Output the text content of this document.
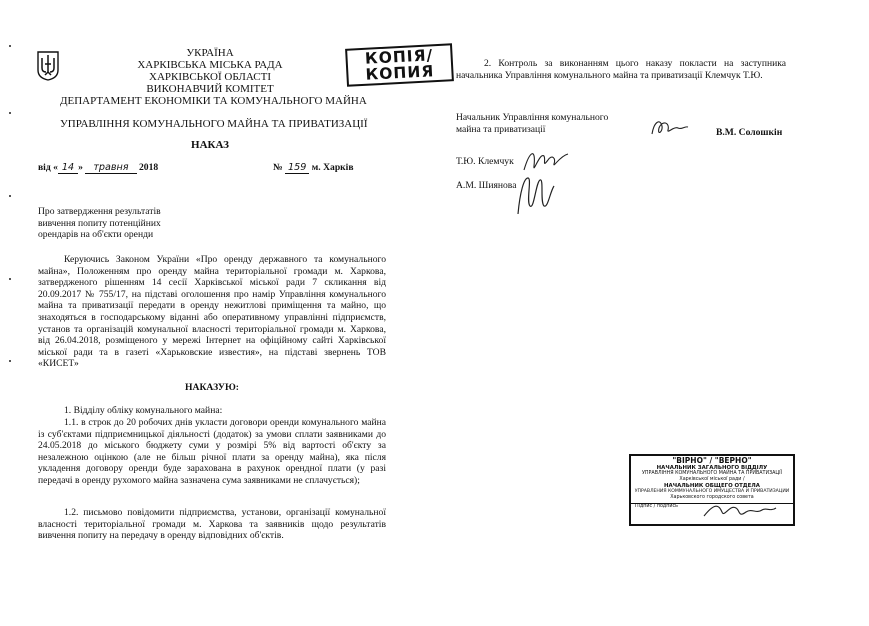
УКРАЇНА
ХАРКІВСЬКА МІСЬКА РАДА
ХАРКІВСЬКОЇ ОБЛАСТІ
ВИКОНАВЧИЙ КОМІТЕТ
ДЕПАРТАМЕНТ ЕКОНОМІКИ ТА КОМУНАЛЬНОГО МАЙНА
УПРАВЛІННЯ КОМУНАЛЬНОГО МАЙНА ТА ПРИВАТИЗАЦІЇ
КОПІЯ/ КОПИЯ
НАКАЗ
від « 14 » травня 2018	№ 159 м. Харків
Про затвердження результатів вивчення попиту потенційних орендарів на об'єкти оренди
Керуючись Законом України «Про оренду державного та комунального майна», Положенням про оренду майна територіальної громади м. Харкова, затвердженого рішенням 14 сесії Харківської міської ради 7 скликання від 20.09.2017 № 755/17, на підставі оголошення про намір Управління комунального майна та приватизації передати в оренду нежитлові приміщення та майно, що знаходяться в господарському віданні або оперативному управлінні підприємств, установ та організацій комунальної власності територіальної громади м. Харкова, від 26.04.2018, розміщеного у мережі Інтернет на офіційному сайті Харківської міської ради та в газеті «Харьковские известия», на підставі звернень ТОВ «КИСЕТ»
НАКАЗУЮ:
1. Відділу обліку комунального майна:
1.1. в строк до 20 робочих днів укласти договори оренди комунального майна із суб'єктами підприємницької діяльності (додаток) за умови сплати заявниками до 24.05.2018 до міського бюджету суми у розмірі 5% від вартості об'єкту за незалежною оцінкою (але не більш річної плати за оренду майна), яка після укладення договору оренди буде зарахована в рахунок орендної плати (у разі передачі в оренду рухомого майна зазначена сума заявниками не сплачується);
1.2. письмово повідомити підприємства, установи, організації комунальної власності територіальної громади м. Харкова та заявників щодо результатів вивчення попиту на передачу в оренду відповідних об'єктів.
2. Контроль за виконанням цього наказу покласти на заступника начальника Управління комунального майна та приватизації Клемчук Т.Ю.
Начальник Управління комунального майна та приватизації	В.М. Солошкін
Т.Ю. Клемчук
А.М. Шиянова
"ВІРНО" / "ВЕРНО"
НАЧАЛЬНИК ЗАГАЛЬНОГО ВІДДІЛУ
УПРАВЛІННЯ КОМУНАЛЬНОГО МАЙНА ТА ПРИВАТИЗАЦІЇ
Харківської міської ради /
НАЧАЛЬНИК ОБЩЕГО ОТДЕЛА
УПРАВЛЕНИЯ КОММУНАЛЬНОГО ИМУЩЕСТВА И ПРИВАТИЗАЦИИ
Харьковского городского совета
Підпис / подпись
